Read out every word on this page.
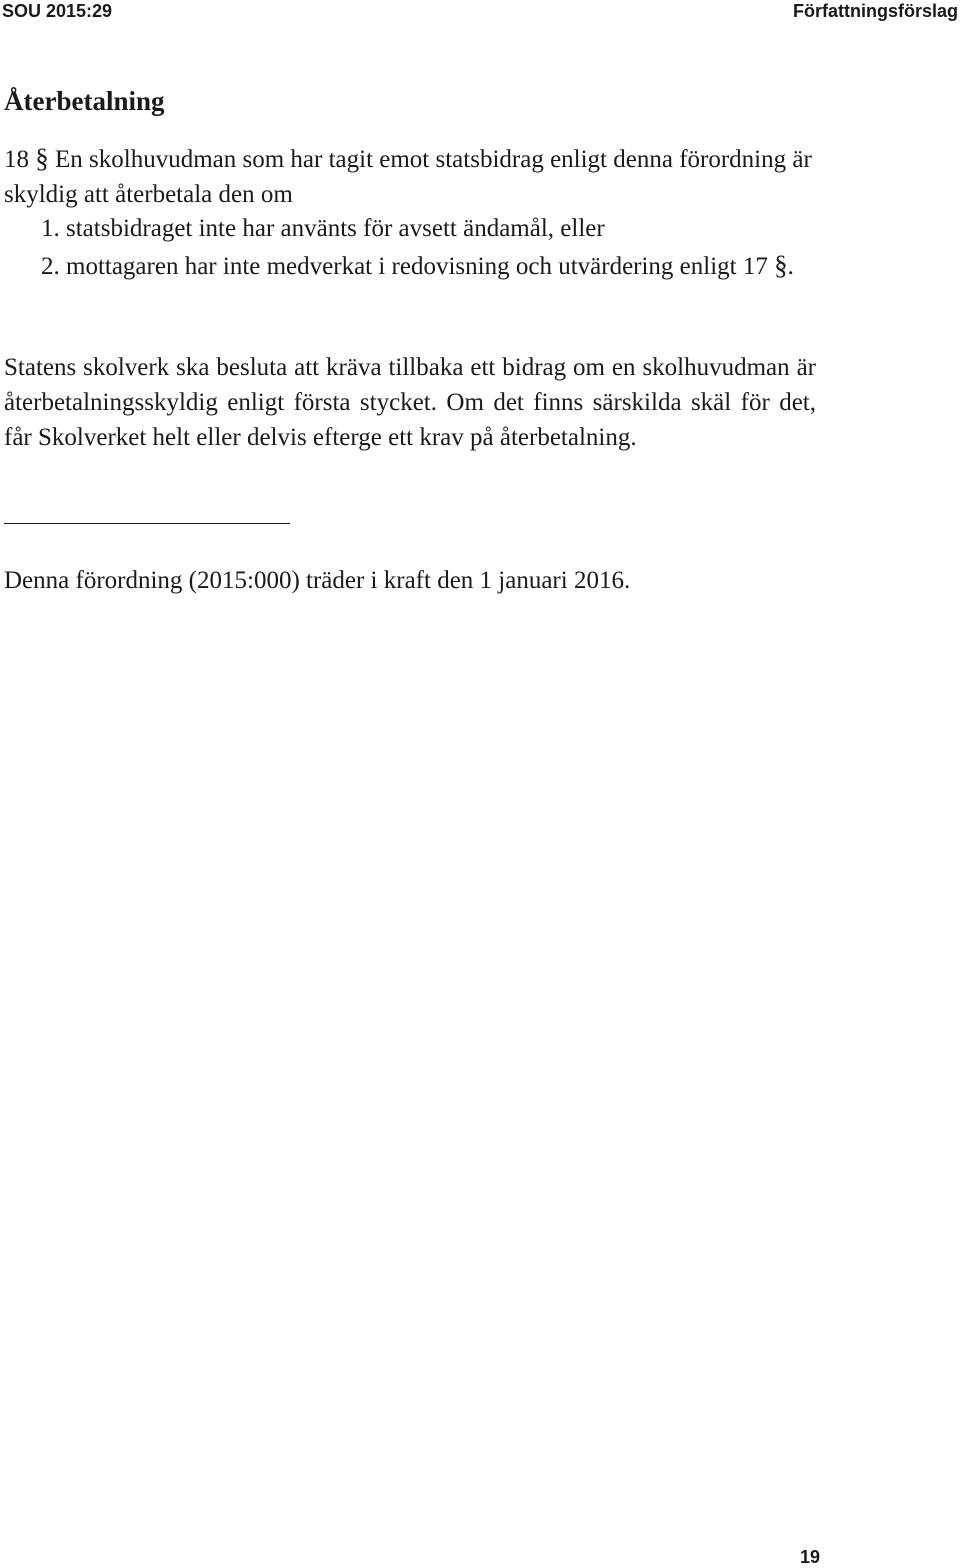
SOU 2015:29	Författningsförslag
Återbetalning

18 § En skolhuvudman som har tagit emot statsbidrag enligt denna förordning är skyldig att återbetala den om

1. statsbidraget inte har använts för avsett ändamål, eller

2. mottagaren har inte medverkat i redovisning och utvärdering enligt 17 §.

Statens skolverk ska besluta att kräva tillbaka ett bidrag om en skolhuvudman är återbetalningsskyldig enligt första stycket. Om det finns särskilda skäl för det, får Skolverket helt eller delvis efterge ett krav på återbetalning.

Denna förordning (2015:000) träder i kraft den 1 januari 2016.

19
